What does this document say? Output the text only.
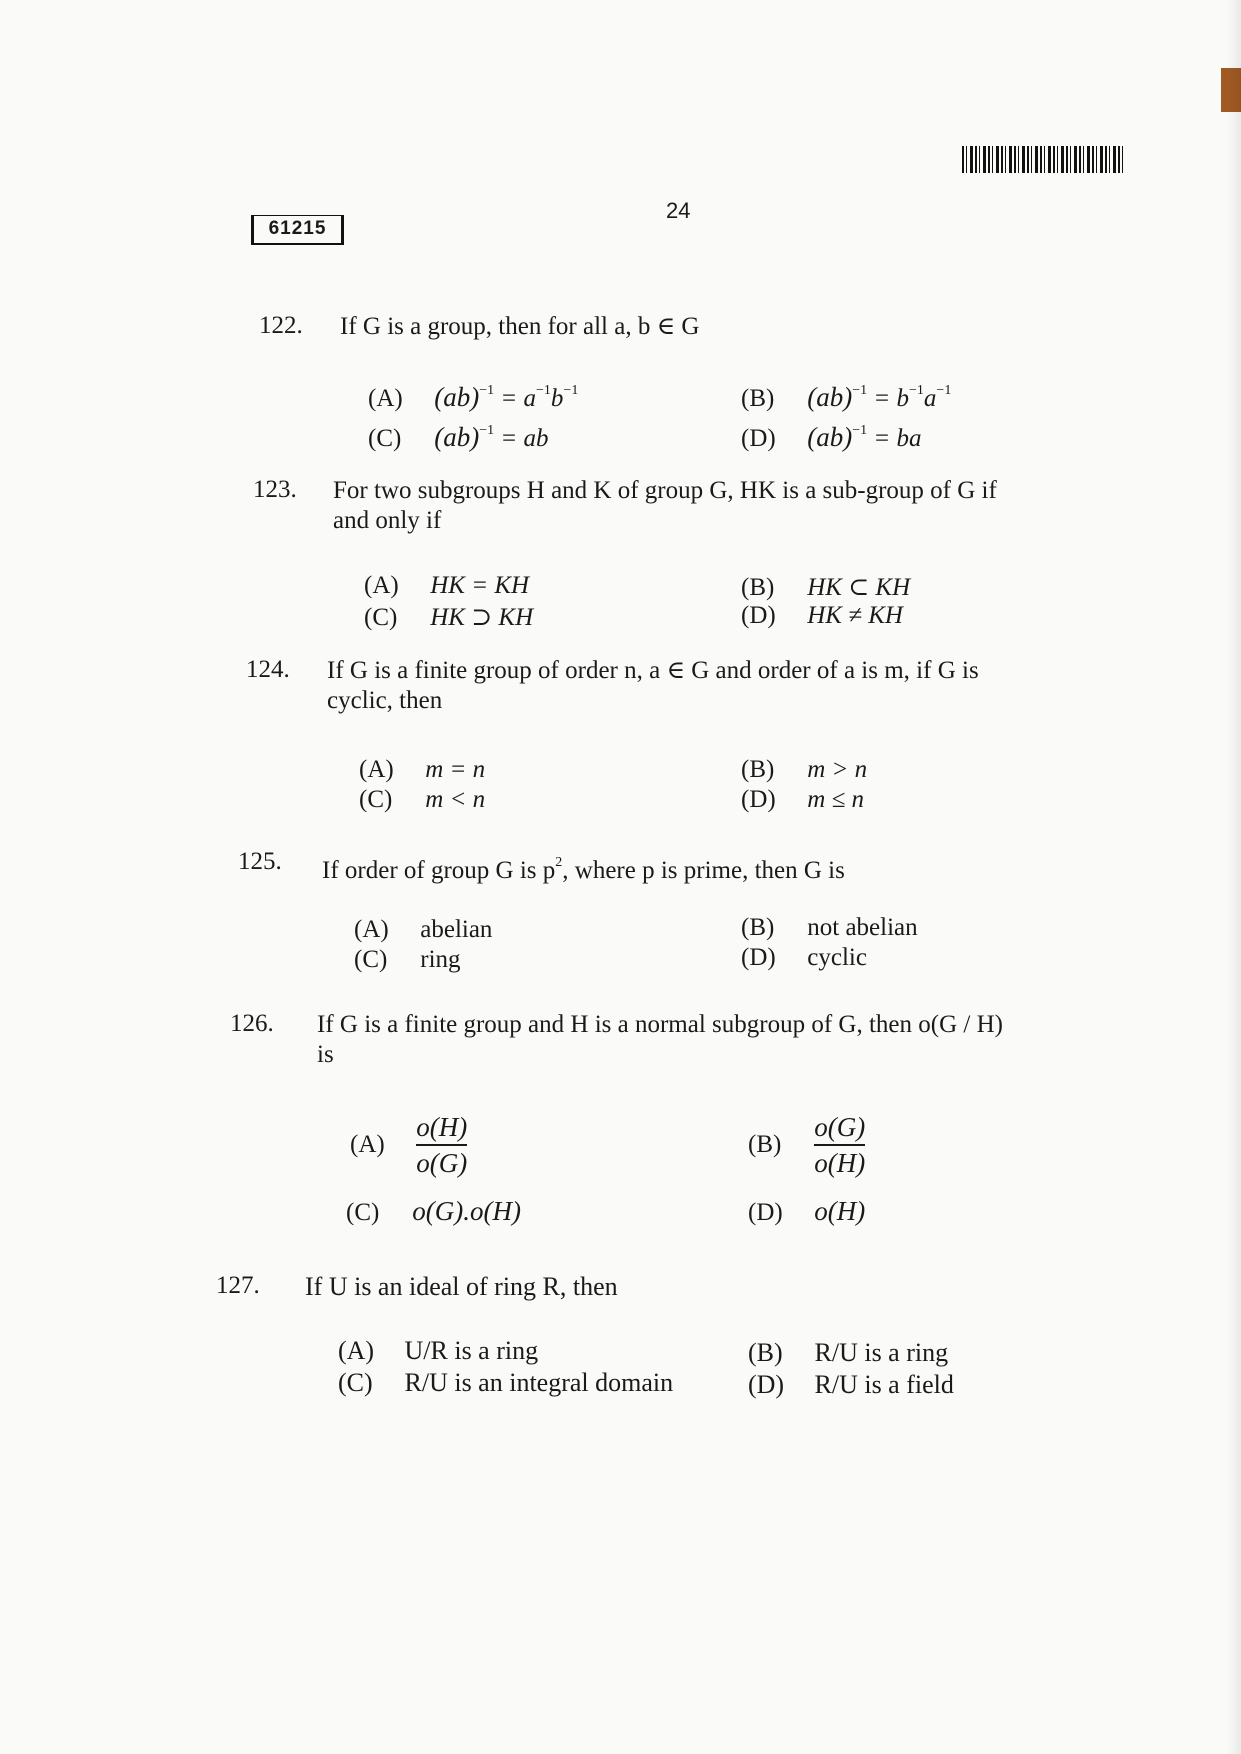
61215
24
122. If G is a group, then for all a, b ∈ G
(A) $(ab)^{-1} = a^{-1}b^{-1}$	(B) $(ab)^{-1} = b^{-1}a^{-1}$
(C) (ab)$^{-1}$ = ab	(D) (ab)$^{-1}$ = ba
123. For two subgroups H and K of group G, HK is a sub-group of G if
and only if
(A) HK = KH	(B) HK ⊂ KH
(C) HK ⊃ KH	(D) HK ≠ KH
124. If G is a finite group of order n, a ∈ G and order of a is m, if G is
cyclic, then
(A) m = n	(B) m > n
(C) m < n	(D) m ≤ n
125. If order of group G is $p^2$, where p is prime, then G is
(A) abelian	(B) not abelian
(C) ring	(D) cyclic
126. If G is a finite group and H is a normal subgroup of G, then o(G / H)
is
$(A) \frac{o(H)}{o(G)}$	$(B) \frac{o(G)}{o(H)}$
(C) o(G).o(H)	(D) o(H)
127. If U is an ideal of ring R, then
(A) U/R is a ring	(B) R/U is a ring
(C) R/U is an integral domain	(D) R/U is a field
